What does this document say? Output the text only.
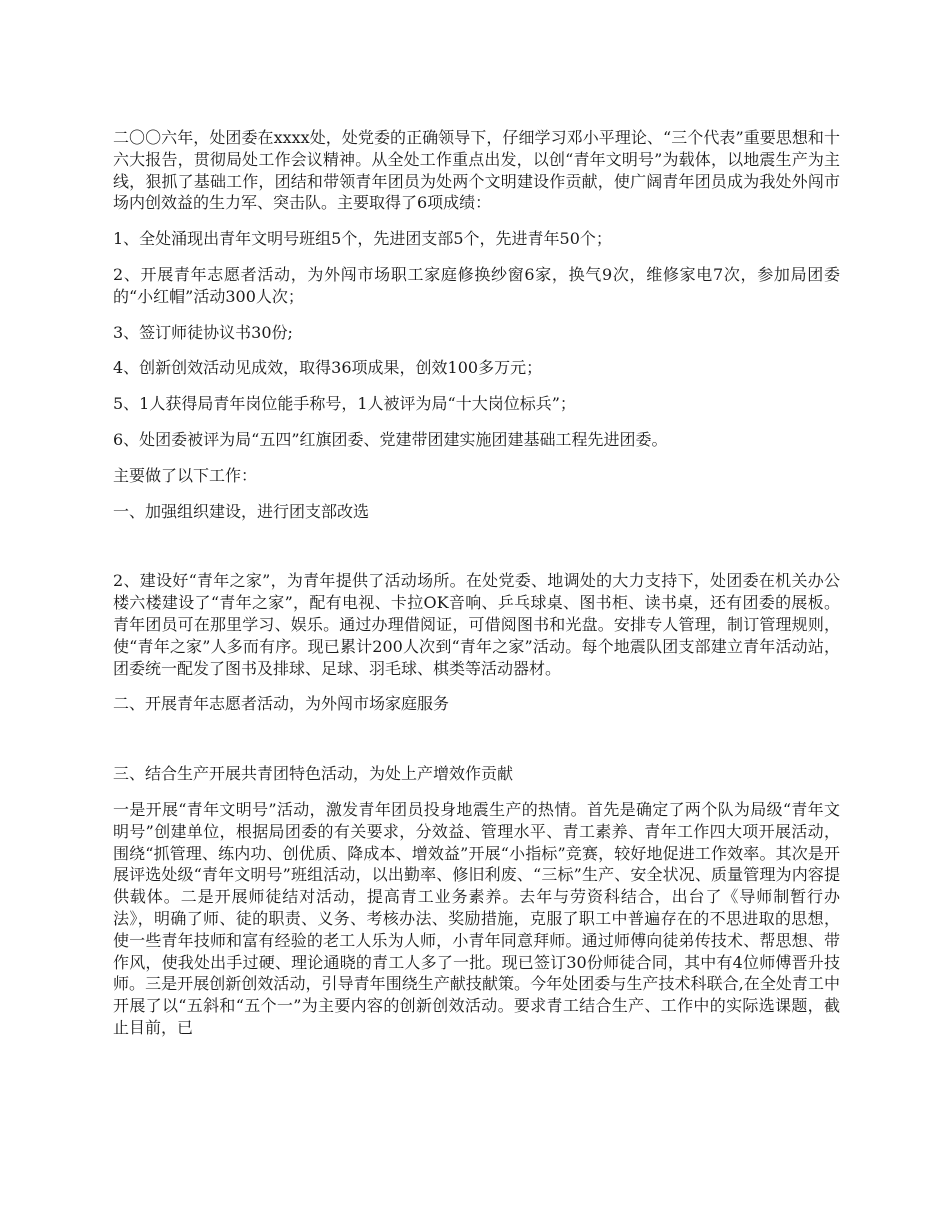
二〇〇六年，处团委在xxxx处，处党委的正确领导下，仔细学习邓小平理论、“三个代表”重要思想和十六大报告，贯彻局处工作会议精神。从全处工作重点出发，以创“青年文明号”为载体，以地震生产为主线，狠抓了基础工作，团结和带领青年团员为处两个文明建设作贡献，使广阔青年团员成为我处外闯市场内创效益的生力军、突击队。主要取得了6项成绩：

1、全处涌现出青年文明号班组5个，先进团支部5个，先进青年50个；

2、开展青年志愿者活动，为外闯市场职工家庭修换纱窗6家，换气9次，维修家电7次，参加局团委的“小红帽”活动300人次；

3、签订师徒协议书30份;

4、创新创效活动见成效，取得36项成果，创效100多万元；

5、1人获得局青年岗位能手称号，1人被评为局“十大岗位标兵”；

6、处团委被评为局“五四”红旗团委、党建带团建实施团建基础工程先进团委。

主要做了以下工作：

一、加强组织建设，进行团支部改选

2、建设好“青年之家”，为青年提供了活动场所。在处党委、地调处的大力支持下，处团委在机关办公楼六楼建设了“青年之家”，配有电视、卡拉OK音响、乒乓球桌、图书柜、读书桌，还有团委的展板。青年团员可在那里学习、娱乐。通过办理借阅证，可借阅图书和光盘。安排专人管理，制订管理规则，使“青年之家”人多而有序。现已累计200人次到“青年之家”活动。每个地震队团支部建立青年活动站，团委统一配发了图书及排球、足球、羽毛球、棋类等活动器材。

二、开展青年志愿者活动，为外闯市场家庭服务

三、结合生产开展共青团特色活动，为处上产增效作贡献

一是开展“青年文明号”活动，激发青年团员投身地震生产的热情。首先是确定了两个队为局级“青年文明号”创建单位，根据局团委的有关要求，分效益、管理水平、青工素养、青年工作四大项开展活动，围绕“抓管理、练内功、创优质、降成本、增效益”开展“小指标”竞赛，较好地促进工作效率。其次是开展评选处级“青年文明号”班组活动，以出勤率、修旧利废、“三标”生产、安全状况、质量管理为内容提供载体。二是开展师徒结对活动，提高青工业务素养。去年与劳资科结合，出台了《导师制暂行办法》，明确了师、徒的职责、义务、考核办法、奖励措施，克服了职工中普遍存在的不思进取的思想，使一些青年技师和富有经验的老工人乐为人师，小青年同意拜师。通过师傅向徒弟传技术、帮思想、带作风，使我处出手过硬、理论通晓的青工人多了一批。现已签订30份师徒合同，其中有4位师傅晋升技师。三是开展创新创效活动，引导青年围绕生产献技献策。今年处团委与生产技术科联合,在全处青工中开展了以“五斜和“五个一”为主要内容的创新创效活动。要求青工结合生产、工作中的实际选课题，截止目前，已
